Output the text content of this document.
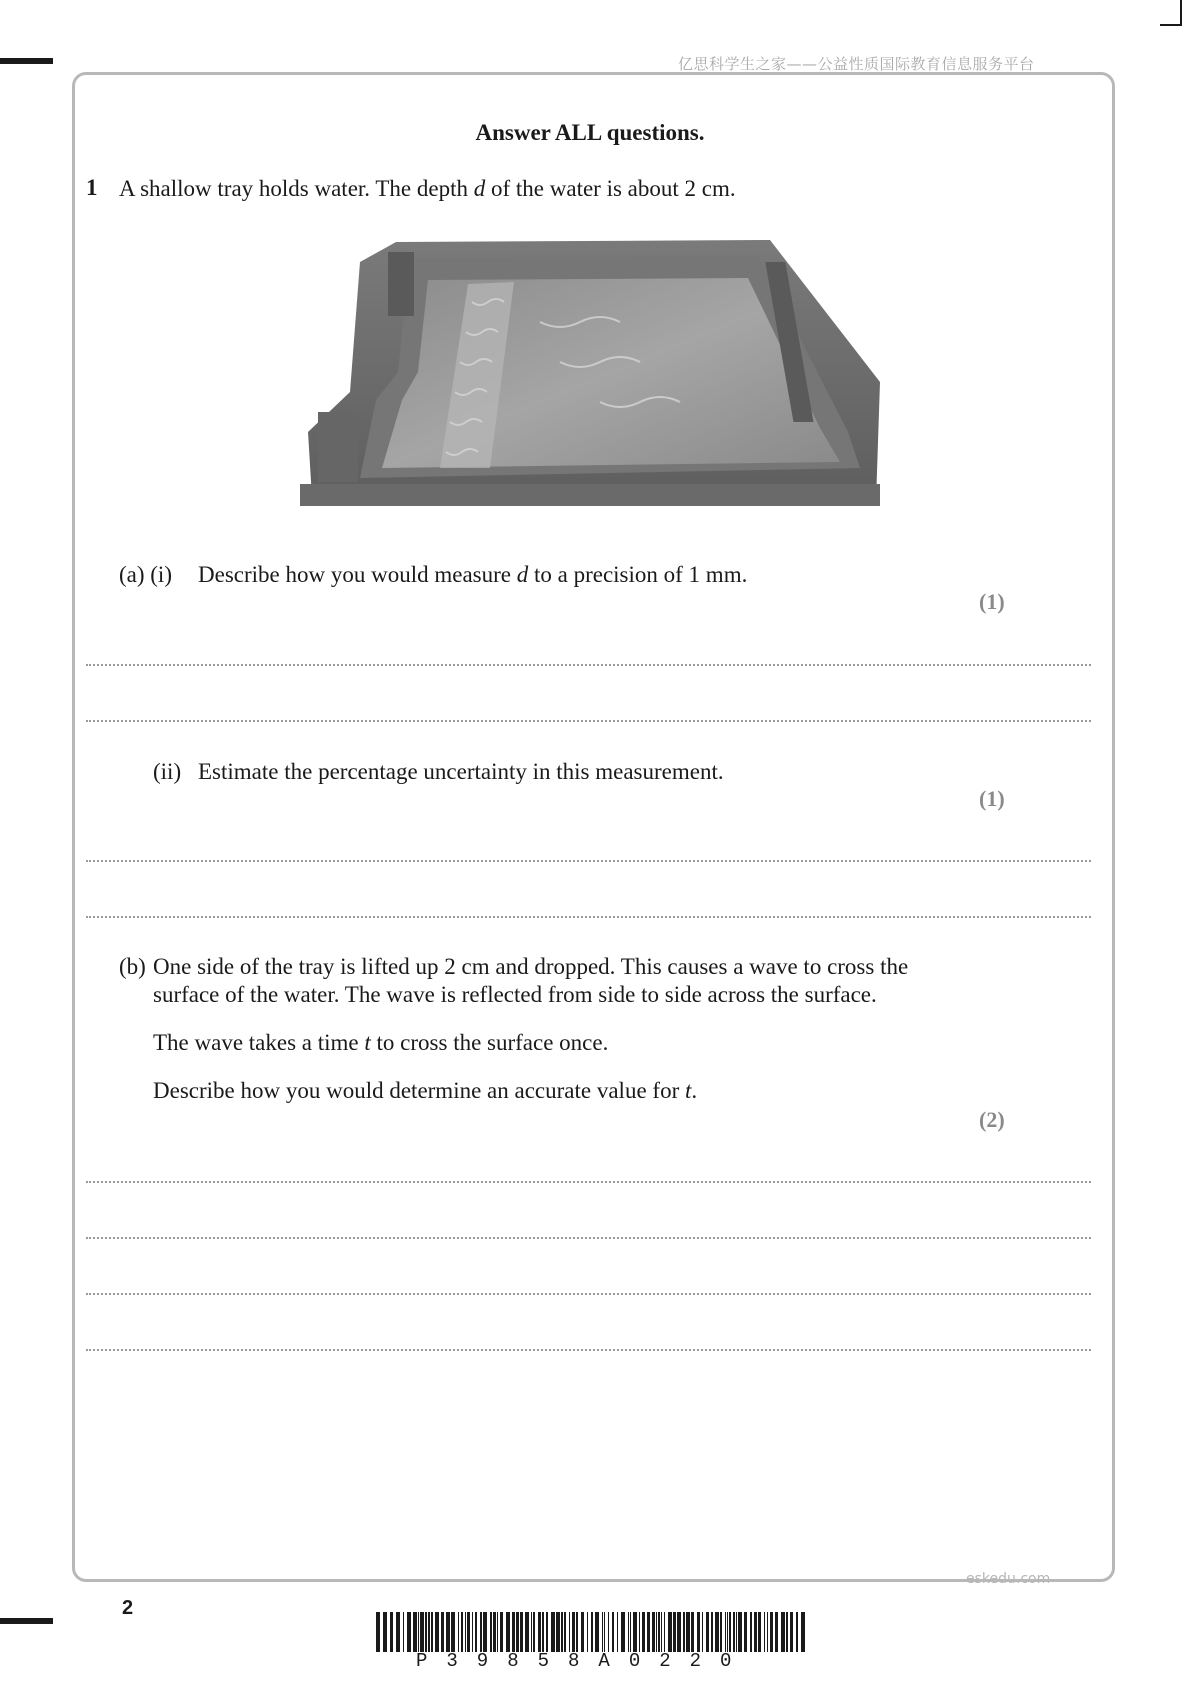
亿思科学生之家——公益性质国际教育信息服务平台
eskedu.com
Answer ALL questions.
1 A shallow tray holds water. The depth d of the water is about 2 cm.
(a) (i) Describe how you would measure d to a precision of 1 mm.
(1)
(ii) Estimate the percentage uncertainty in this measurement.
(1)
(b) One side of the tray is lifted up 2 cm and dropped. This causes a wave to cross the
surface of the water. The wave is reflected from side to side across the surface.
The wave takes a time t to cross the surface once.
Describe how you would determine an accurate value for t.
(2)
2
P39858A0220
